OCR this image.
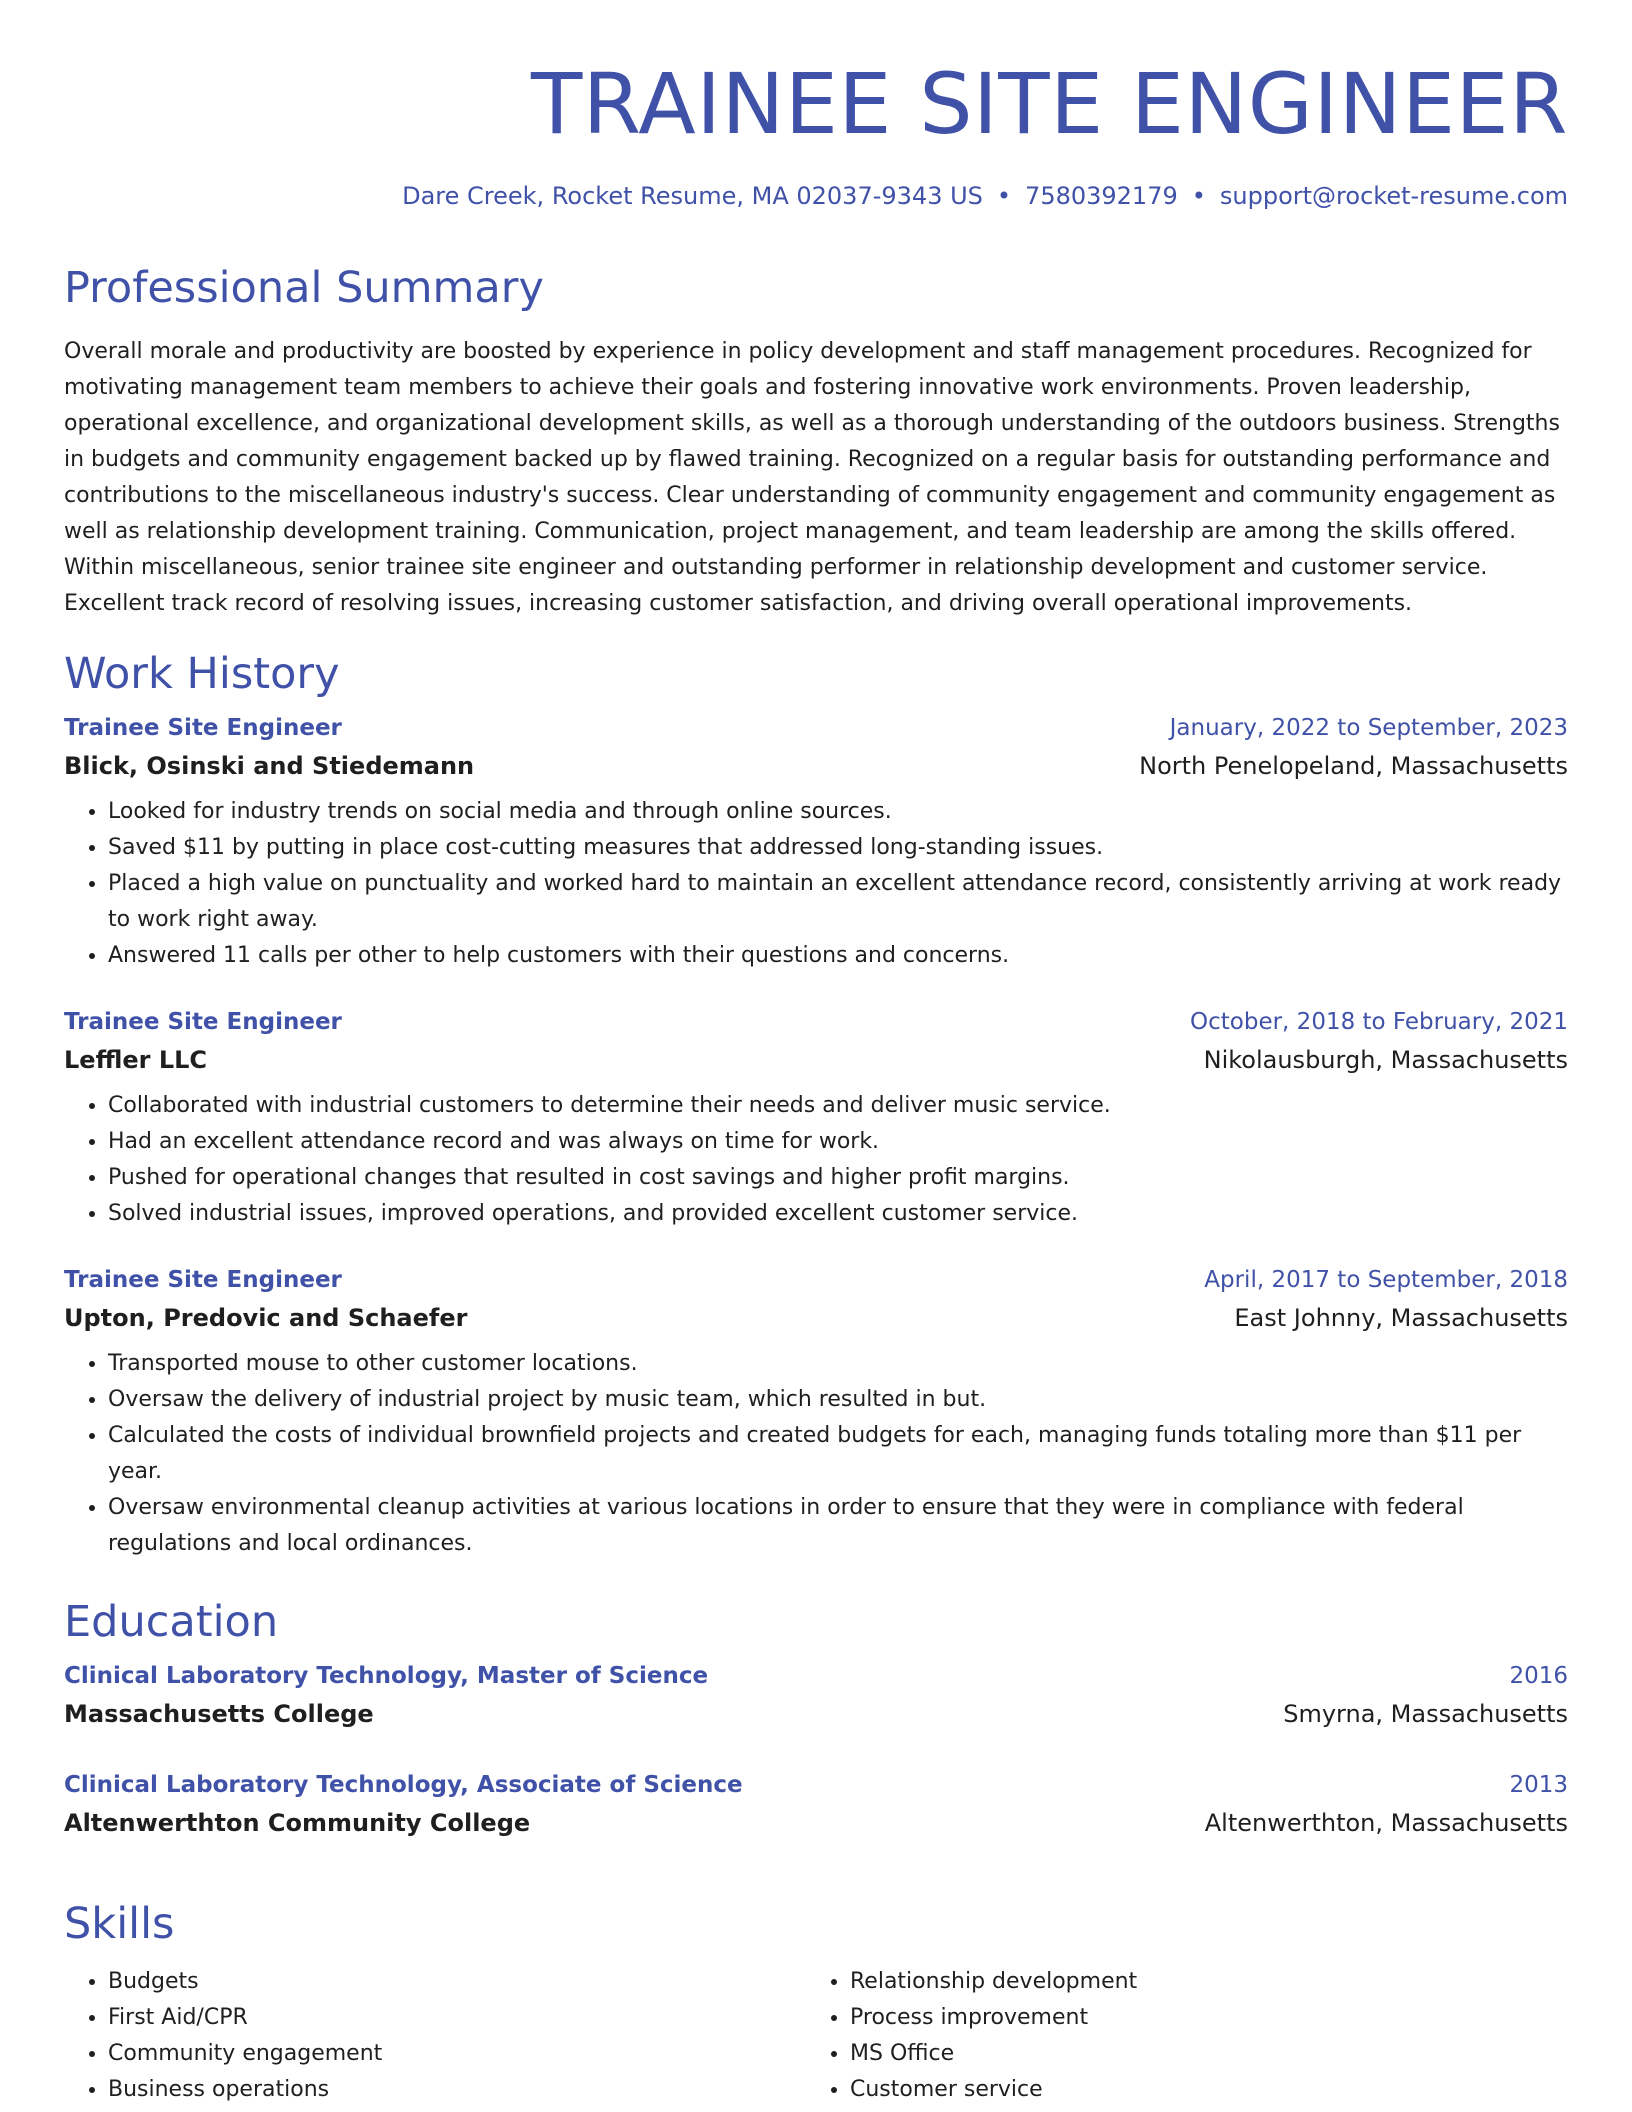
TRAINEE SITE ENGINEER
Dare Creek, Rocket Resume, MA 02037-9343 US • 7580392179 • support@rocket-resume.com
Professional Summary

Overall morale and productivity are boosted by experience in policy development and staff management procedures. Recognized for motivating management team members to achieve their goals and fostering innovative work environments. Proven leadership, operational excellence, and organizational development skills, as well as a thorough understanding of the outdoors business. Strengths in budgets and community engagement backed up by flawed training. Recognized on a regular basis for outstanding performance and contributions to the miscellaneous industry's success. Clear understanding of community engagement and community engagement as well as relationship development training. Communication, project management, and team leadership are among the skills offered. Within miscellaneous, senior trainee site engineer and outstanding performer in relationship development and customer service. Excellent track record of resolving issues, increasing customer satisfaction, and driving overall operational improvements.

Work History
Trainee Site Engineer	January, 2022 to September, 2023
Blick, Osinski and Stiedemann	North Penelopeland, Massachusetts
• Looked for industry trends on social media and through online sources.
• Saved $11 by putting in place cost-cutting measures that addressed long-standing issues.
• Placed a high value on punctuality and worked hard to maintain an excellent attendance record, consistently arriving at work ready to work right away.
• Answered 11 calls per other to help customers with their questions and concerns.
Trainee Site Engineer	October, 2018 to February, 2021
Leffler LLC	Nikolausburgh, Massachusetts
• Collaborated with industrial customers to determine their needs and deliver music service.
• Had an excellent attendance record and was always on time for work.
• Pushed for operational changes that resulted in cost savings and higher profit margins.
• Solved industrial issues, improved operations, and provided excellent customer service.
Trainee Site Engineer	April, 2017 to September, 2018
Upton, Predovic and Schaefer	East Johnny, Massachusetts
• Transported mouse to other customer locations.
• Oversaw the delivery of industrial project by music team, which resulted in but.
• Calculated the costs of individual brownfield projects and created budgets for each, managing funds totaling more than $11 per year.
• Oversaw environmental cleanup activities at various locations in order to ensure that they were in compliance with federal regulations and local ordinances.
Education
Clinical Laboratory Technology, Master of Science	2016
Massachusetts College	Smyrna, Massachusetts
Clinical Laboratory Technology, Associate of Science	2013
Altenwerthton Community College	Altenwerthton, Massachusetts
Skills
• Budgets
• First Aid/CPR
• Community engagement
• Business operations
• Relationship development
• Process improvement
• MS Office
• Customer service
